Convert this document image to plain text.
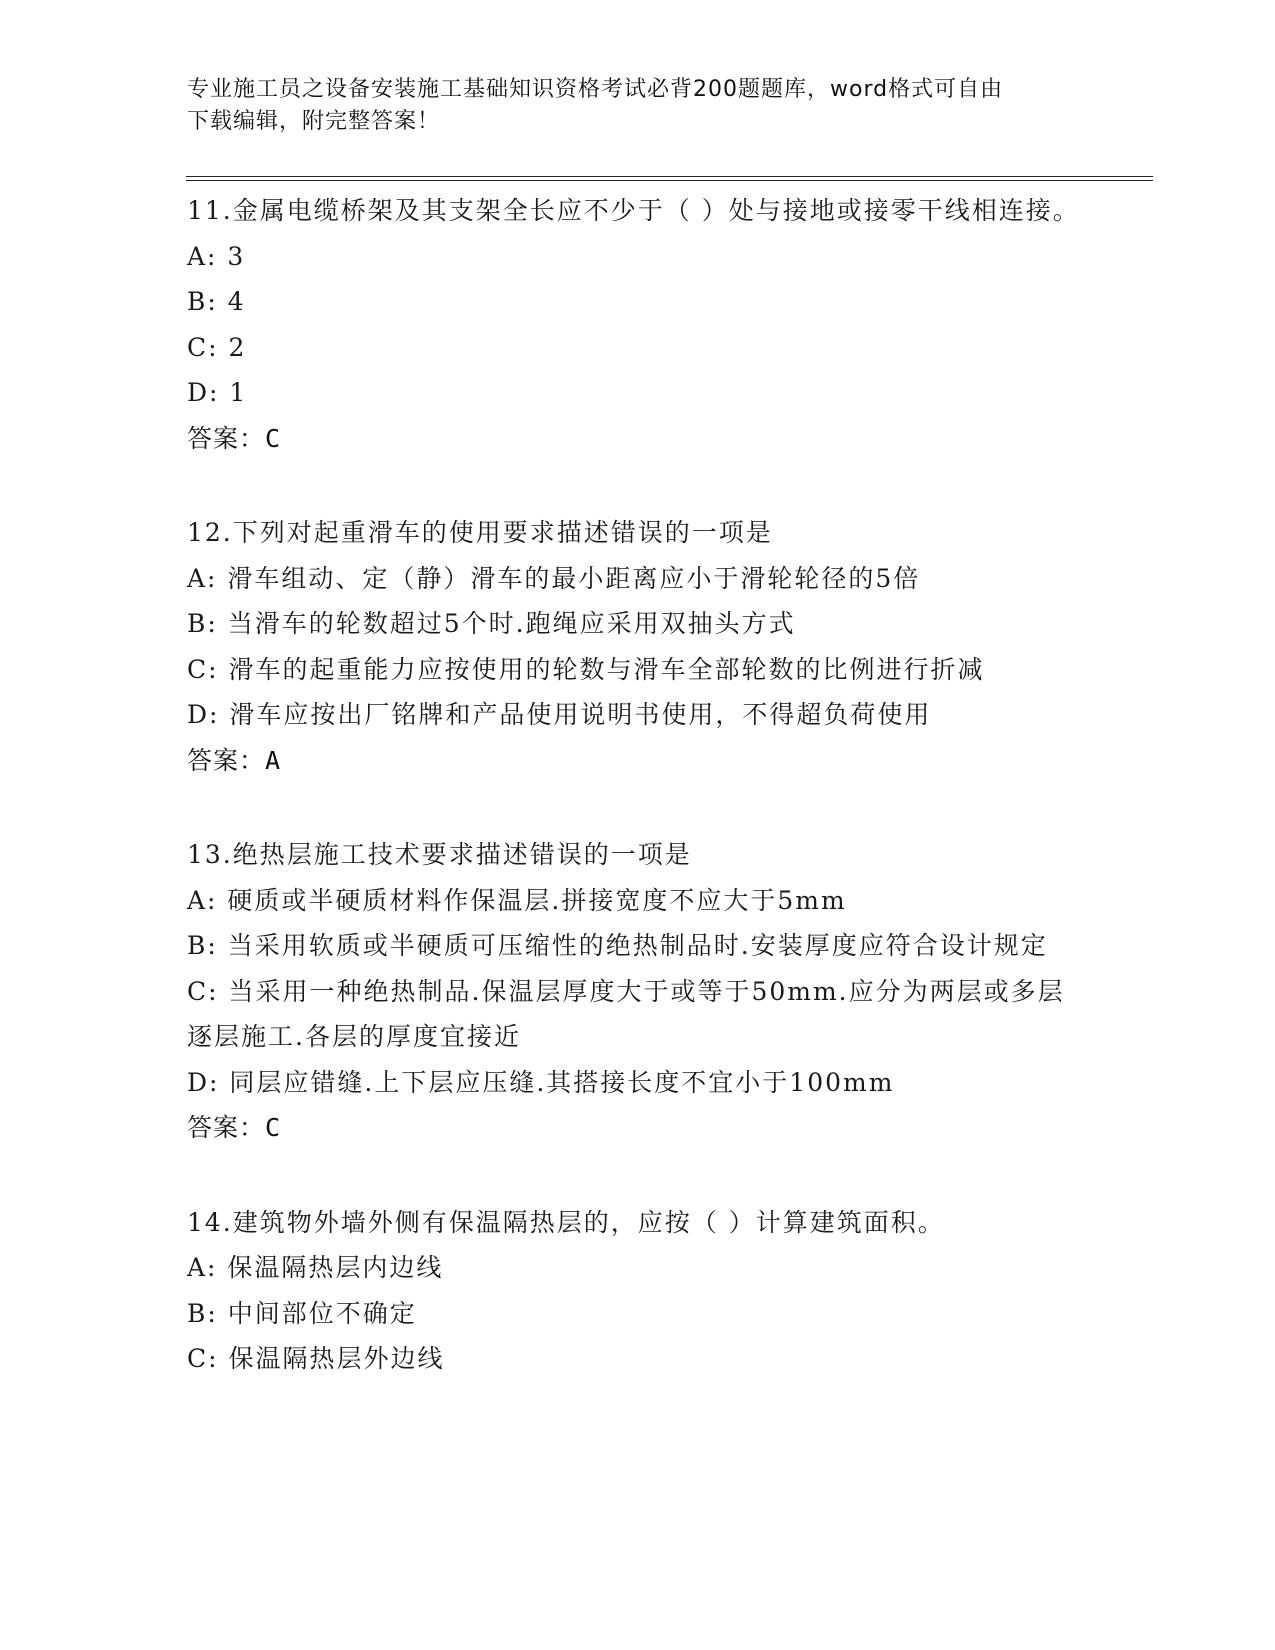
专业施工员之设备安装施工基础知识资格考试必背200题题库，word格式可自由
下载编辑，附完整答案！
11.金属电缆桥架及其支架全长应不少于（ ）处与接地或接零干线相连接。
A: 3
B: 4
C: 2
D: 1
答案：C
12.下列对起重滑车的使用要求描述错误的一项是
A: 滑车组动、定（静）滑车的最小距离应小于滑轮轮径的5倍
B: 当滑车的轮数超过5个时.跑绳应采用双抽头方式
C: 滑车的起重能力应按使用的轮数与滑车全部轮数的比例进行折减
D: 滑车应按出厂铭牌和产品使用说明书使用，不得超负荷使用
答案：A
13.绝热层施工技术要求描述错误的一项是
A: 硬质或半硬质材料作保温层.拼接宽度不应大于5mm
B: 当采用软质或半硬质可压缩性的绝热制品时.安装厚度应符合设计规定
C: 当采用一种绝热制品.保温层厚度大于或等于50mm.应分为两层或多层逐层施工.各层的厚度宜接近
D: 同层应错缝.上下层应压缝.其搭接长度不宜小于100mm
答案：C
14.建筑物外墙外侧有保温隔热层的，应按（ ）计算建筑面积。
A: 保温隔热层内边线
B: 中间部位不确定
C: 保温隔热层外边线
